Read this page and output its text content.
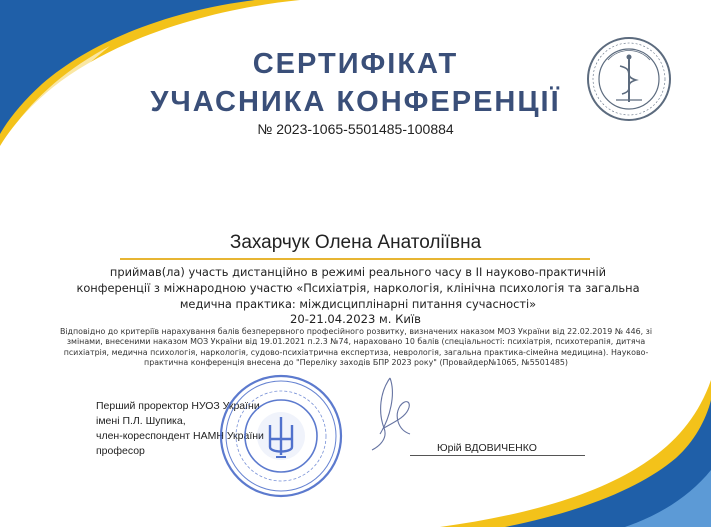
СЕРТИФІКАТ
УЧАСНИКА КОНФЕРЕНЦІЇ
№ 2023-1065-5501485-100884
Захарчук Олена Анатоліївна
приймав(ла) участь дистанційно в режимі реального часу в ІІ науково-практичній
конференції з міжнародною участю «Психіатрія, наркологія, клінічна психологія та загальна
медична практика: міждисциплінарні питання сучасності»
20-21.04.2023 м. Київ
Відповідно до критеріїв нарахування балів безперервного професійного розвитку, визначених наказом МОЗ України від 22.02.2019 № 446, зі
змінами, внесеними наказом МОЗ України від 19.01.2021 п.2.3 №74, нараховано 10 балів (спеціальності: психіатрія, психотерапія, дитяча
психіатрія, медична психологія, наркологія, судово-психіатрична експертиза, неврологія, загальна практика-сімейна медицина). Науково-
практична конференція внесена до "Переліку заходів БПР 2023 року" (Провайдер№1065, №5501485)
Перший проректор НУОЗ України
імені П.Л. Шупика,
член-кореспондент НАМН України
професор	Юрій ВДОВИЧЕНКО
